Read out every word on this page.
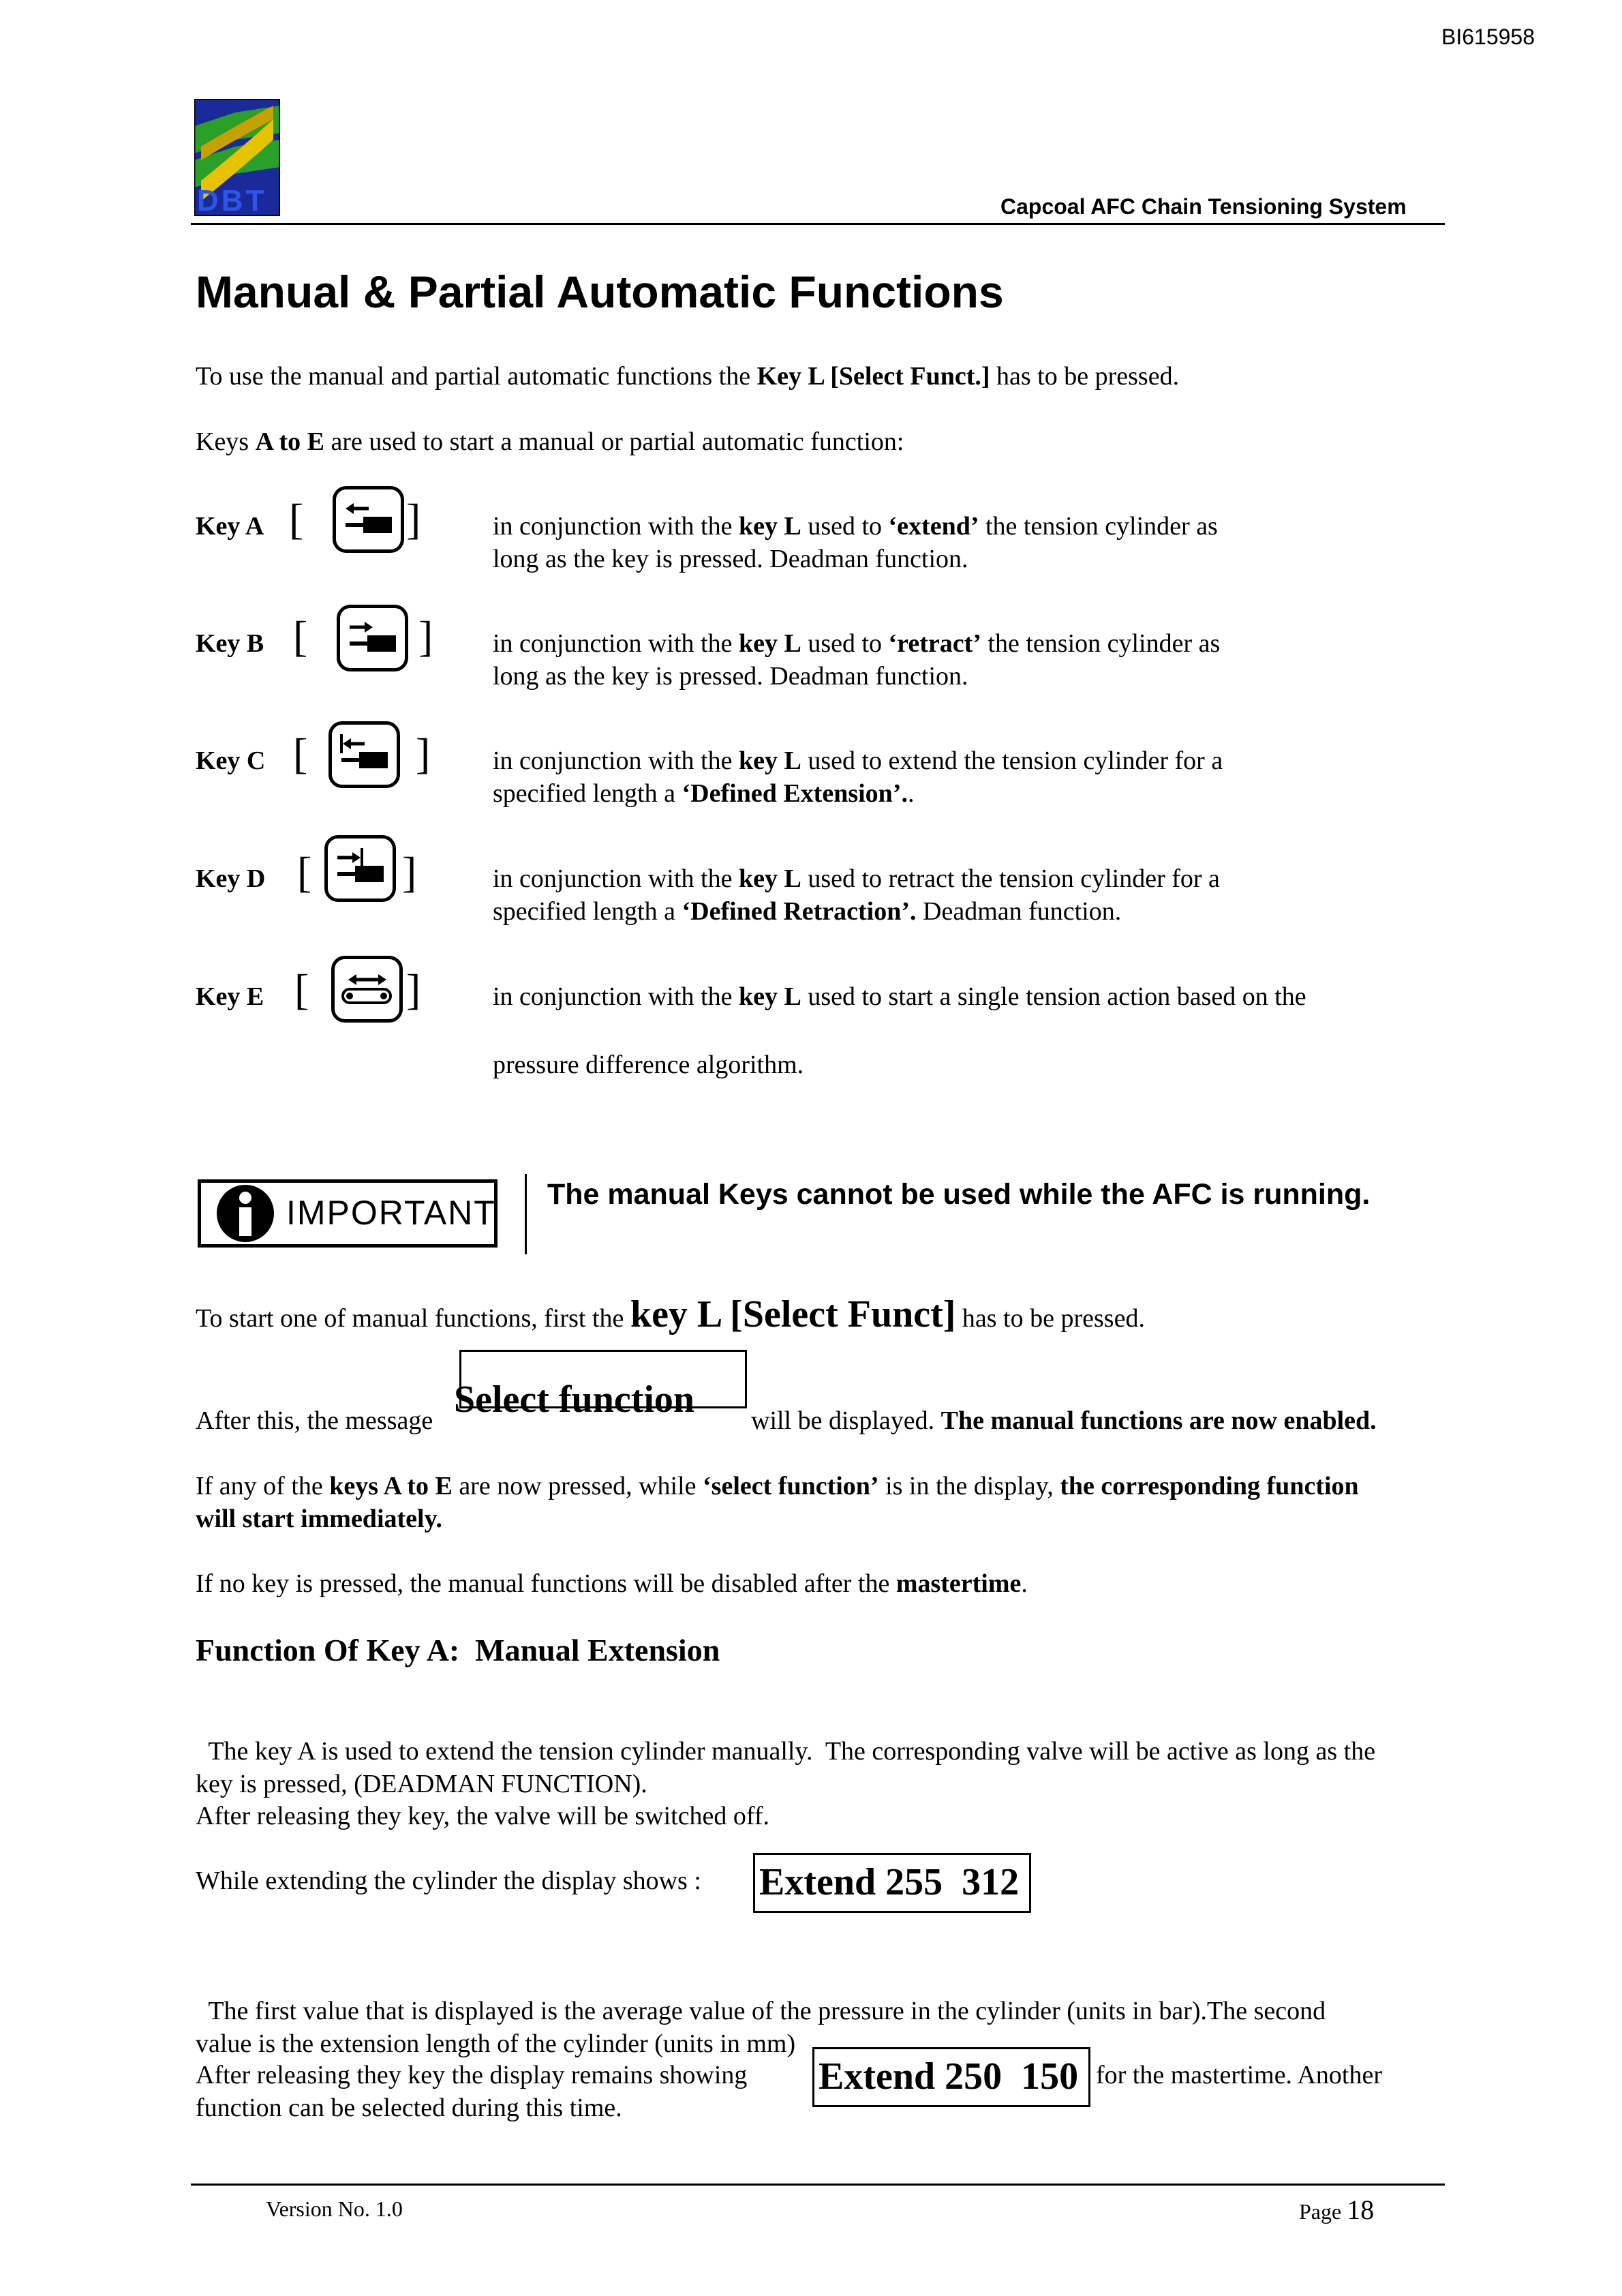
BI615958
DBT	Capcoal AFC Chain Tensioning System
Manual & Partial Automatic Functions
To use the manual and partial automatic functions the Key L [Select Funct.] has to be pressed.
Keys A to E are used to start a manual or partial automatic function:
Key A [ ]	in conjunction with the key L used to ‘extend’ the tension cylinder as
long as the key is pressed. Deadman function.
Key B [	] in conjunction with the key L used to ‘retract’ the tension cylinder as
long as the key is pressed. Deadman function.
Key C [ ] in conjunction with the key L used to extend the tension cylinder for a
specified length a ‘Defined Extension’..
Key D [ ]	in conjunction with the key L used to retract the tension cylinder for a
specified length a ‘Defined Retraction’. Deadman function.
Key E [ ]	in conjunction with the key L used to start a single tension action based on the
pressure difference algorithm.
IMPORTANT The manual Keys cannot be used while the AFC is running.
To start one of manual functions, first the key L [Select Funct] has to be pressed.
Select function
After this, the message	will be displayed. The manual functions are now enabled.
If any of the keys A to E are now pressed, while ‘select function’ is in the display, the corresponding function
will start immediately.
If no key is pressed, the manual functions will be disabled after the mastertime.
Function Of Key A:  Manual Extension

The key A is used to extend the tension cylinder manually.  The corresponding valve will be active as long as the
key is pressed, (DEADMAN FUNCTION).

After releasing they key, the valve will be switched off.
While extending the cylinder the display shows : Extend 255  312

The first value that is displayed is the average value of the pressure in the cylinder (units in bar).The second
value is the extension length of the cylinder (units in mm)

After releasing they key the display remains showing
function can be selected during this time.
Extend 250  150 for the mastertime. Another
Version No. 1.0	Page 18
